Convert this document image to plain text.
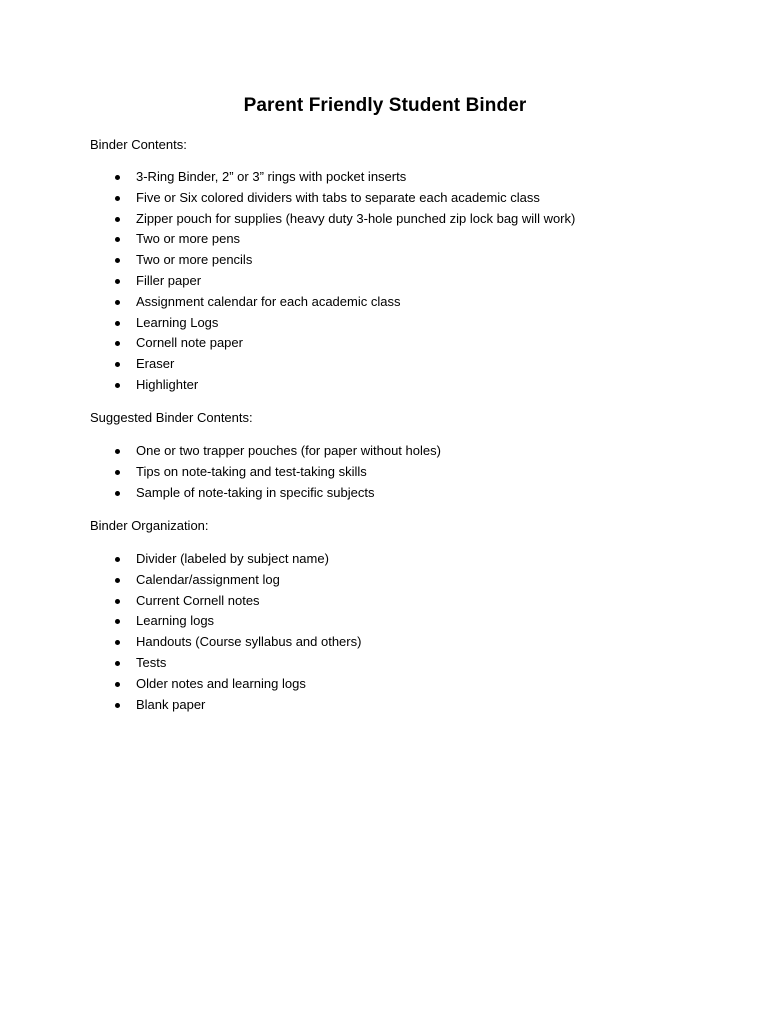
Parent Friendly Student Binder

Binder Contents:

3-Ring Binder, 2” or 3” rings with pocket inserts
Five or Six colored dividers with tabs to separate each academic class
Zipper pouch for supplies (heavy duty 3-hole punched zip lock bag will work)
Two or more pens
Two or more pencils
Filler paper
Assignment calendar for each academic class
Learning Logs
Cornell note paper
Eraser
Highlighter

Suggested Binder Contents:

One or two trapper pouches (for paper without holes)
Tips on note-taking and test-taking skills
Sample of note-taking in specific subjects

Binder Organization:

Divider (labeled by subject name)
Calendar/assignment log
Current Cornell notes
Learning logs
Handouts (Course syllabus and others)
Tests
Older notes and learning logs
Blank paper
